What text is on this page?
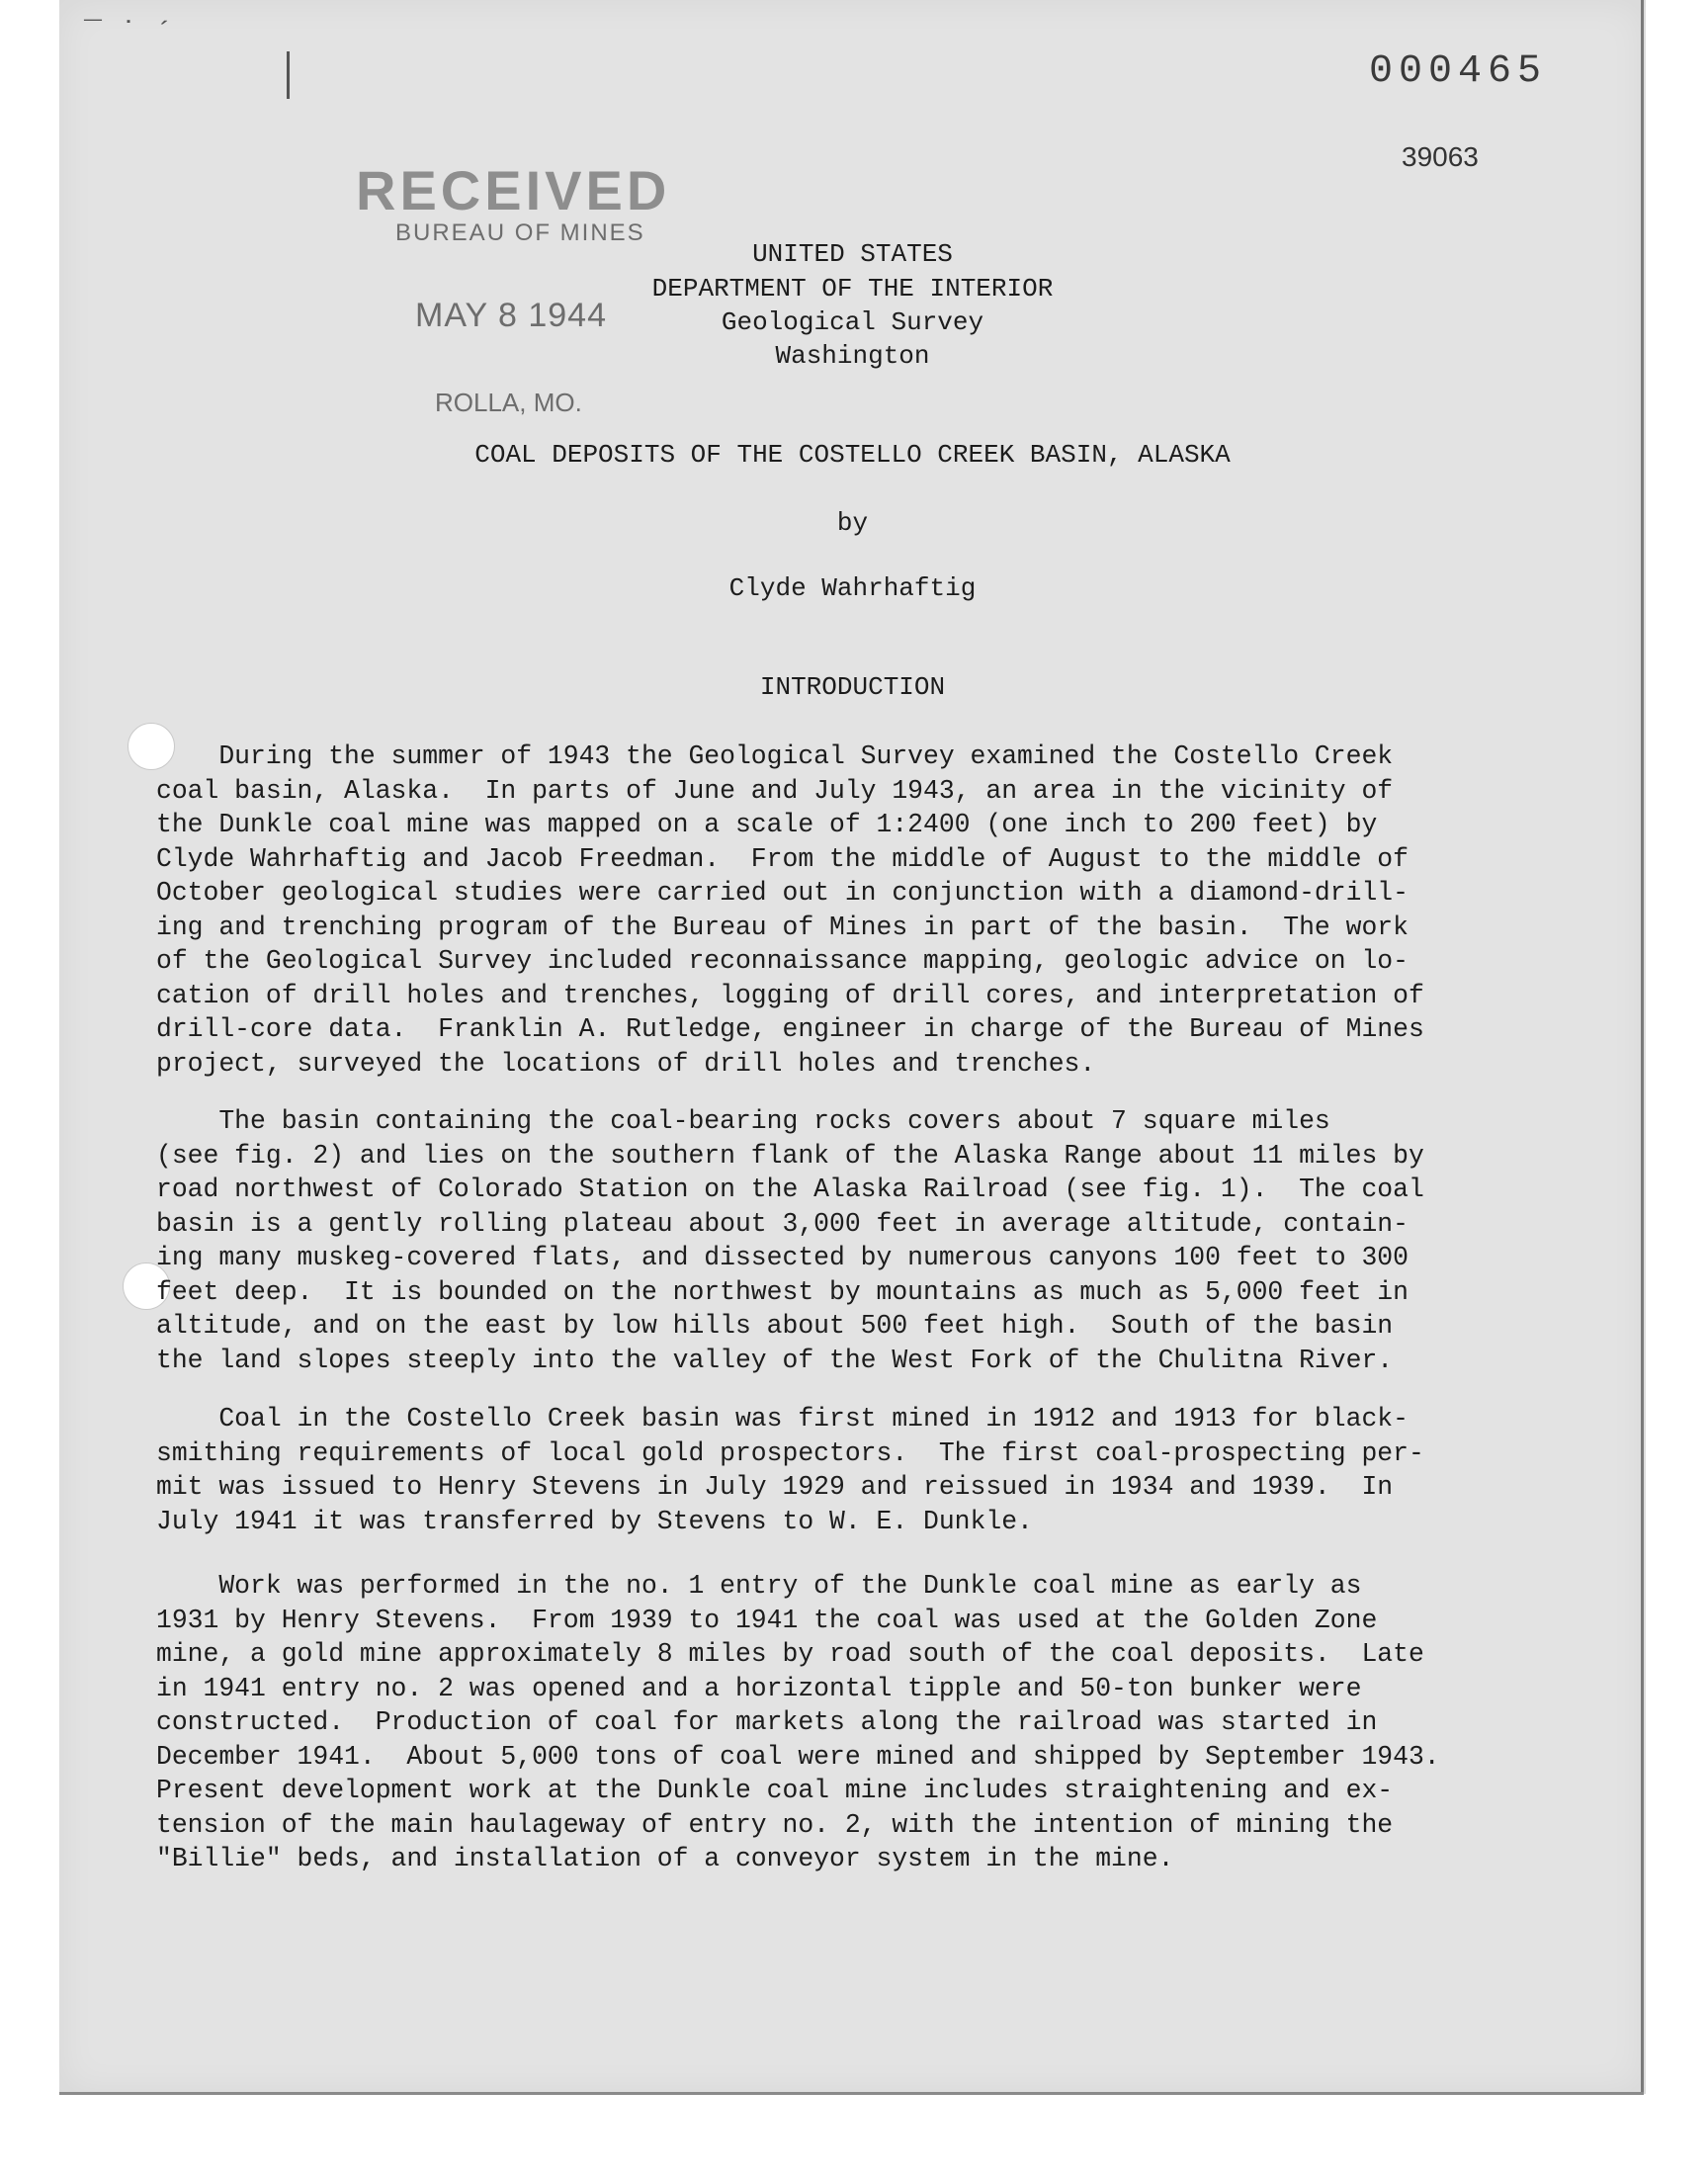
‾ ˙ ´
000465
39063
RECEIVED
BUREAU OF MINES
MAY 8 1944
ROLLA, MO.
UNITED STATES
DEPARTMENT OF THE INTERIOR
Geological Survey
Washington
COAL DEPOSITS OF THE COSTELLO CREEK BASIN, ALASKA
by
Clyde Wahrhaftig
INTRODUCTION
During the summer of 1943 the Geological Survey examined the Costello Creek
coal basin, Alaska.  In parts of June and July 1943, an area in the vicinity of
the Dunkle coal mine was mapped on a scale of 1:2400 (one inch to 200 feet) by
Clyde Wahrhaftig and Jacob Freedman.  From the middle of August to the middle of
October geological studies were carried out in conjunction with a diamond-drill-
ing and trenching program of the Bureau of Mines in part of the basin.  The work
of the Geological Survey included reconnaissance mapping, geologic advice on lo-
cation of drill holes and trenches, logging of drill cores, and interpretation of
drill-core data.  Franklin A. Rutledge, engineer in charge of the Bureau of Mines
project, surveyed the locations of drill holes and trenches.
The basin containing the coal-bearing rocks covers about 7 square miles
(see fig. 2) and lies on the southern flank of the Alaska Range about 11 miles by
road northwest of Colorado Station on the Alaska Railroad (see fig. 1).  The coal
basin is a gently rolling plateau about 3,000 feet in average altitude, contain-
ing many muskeg-covered flats, and dissected by numerous canyons 100 feet to 300
feet deep.  It is bounded on the northwest by mountains as much as 5,000 feet in
altitude, and on the east by low hills about 500 feet high.  South of the basin
the land slopes steeply into the valley of the West Fork of the Chulitna River.
Coal in the Costello Creek basin was first mined in 1912 and 1913 for black-
smithing requirements of local gold prospectors.  The first coal-prospecting per-
mit was issued to Henry Stevens in July 1929 and reissued in 1934 and 1939.  In
July 1941 it was transferred by Stevens to W. E. Dunkle.
Work was performed in the no. 1 entry of the Dunkle coal mine as early as
1931 by Henry Stevens.  From 1939 to 1941 the coal was used at the Golden Zone
mine, a gold mine approximately 8 miles by road south of the coal deposits.  Late
in 1941 entry no. 2 was opened and a horizontal tipple and 50-ton bunker were
constructed.  Production of coal for markets along the railroad was started in
December 1941.  About 5,000 tons of coal were mined and shipped by September 1943.
Present development work at the Dunkle coal mine includes straightening and ex-
tension of the main haulageway of entry no. 2, with the intention of mining the
"Billie" beds, and installation of a conveyor system in the mine.
